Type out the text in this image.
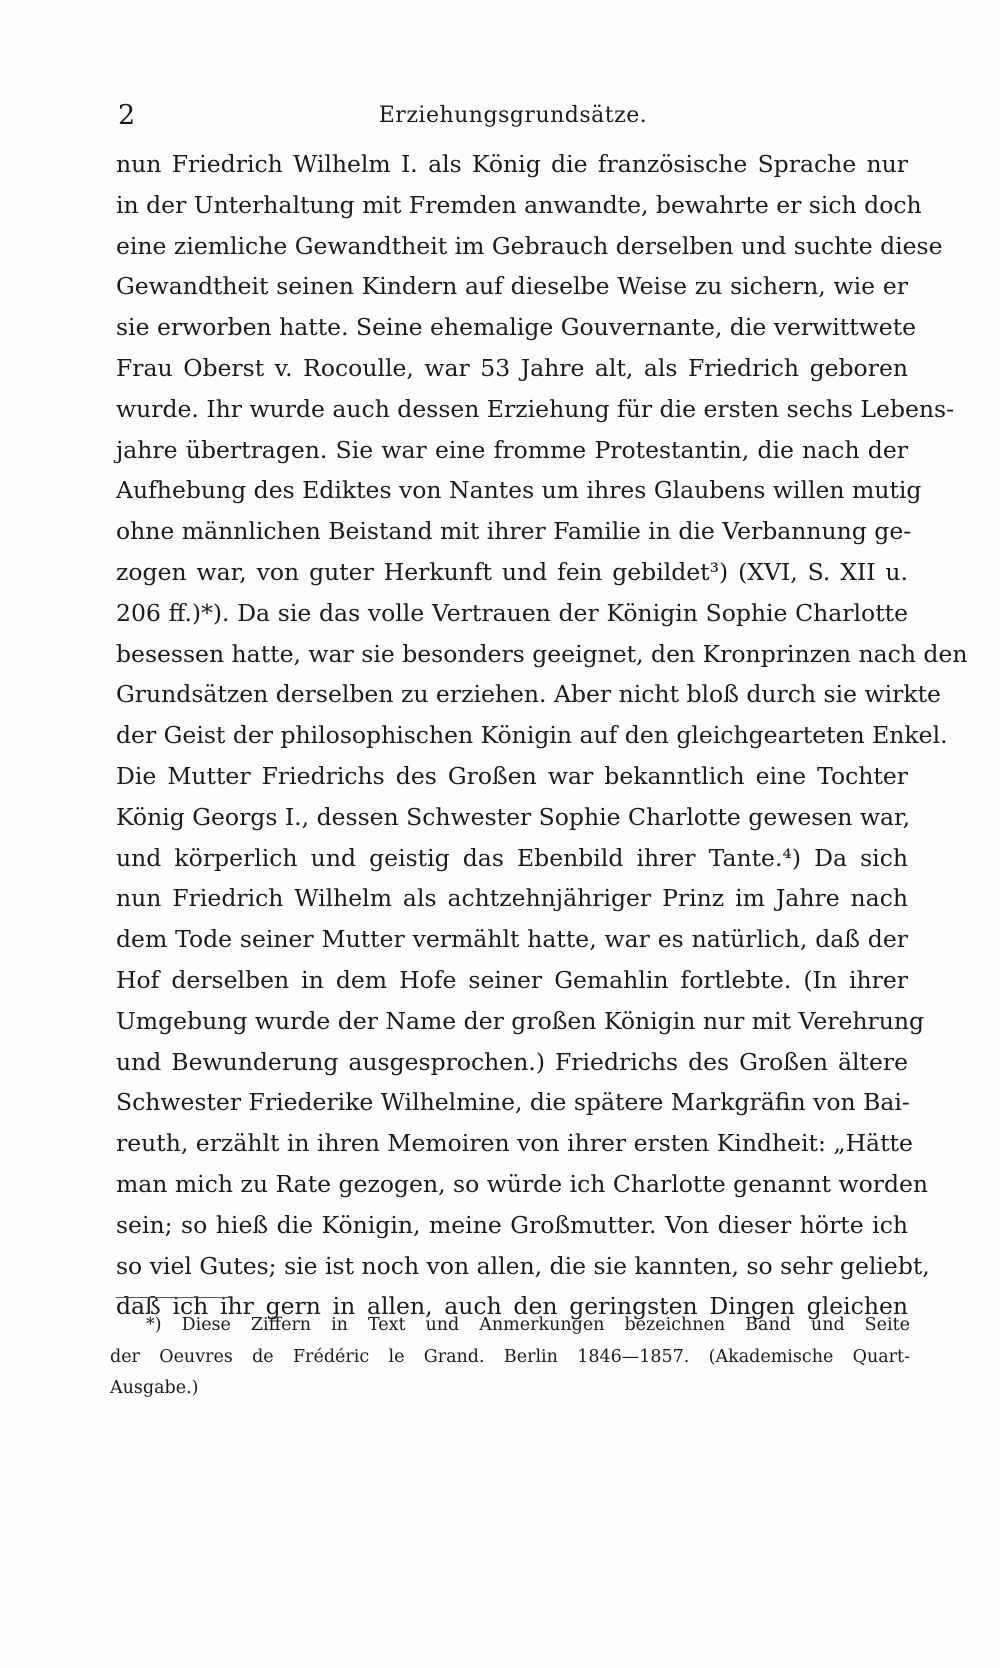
2	Erziehungsgrundsätze.
nun Friedrich Wilhelm I. als König die französische Sprache nur
in der Unterhaltung mit Fremden anwandte, bewahrte er sich doch
eine ziemliche Gewandtheit im Gebrauch derselben und suchte diese
Gewandtheit seinen Kindern auf dieselbe Weise zu sichern, wie er
sie erworben hatte. Seine ehemalige Gouvernante, die verwittwete
Frau Oberst v. Rocoulle, war 53 Jahre alt, als Friedrich geboren
wurde. Ihr wurde auch dessen Erziehung für die ersten sechs Lebens-
jahre übertragen. Sie war eine fromme Protestantin, die nach der
Aufhebung des Ediktes von Nantes um ihres Glaubens willen mutig
ohne männlichen Beistand mit ihrer Familie in die Verbannung ge-
zogen war, von guter Herkunft und fein gebildet³) (XVI, S. XII u.
206 ff.)*). Da sie das volle Vertrauen der Königin Sophie Charlotte
besessen hatte, war sie besonders geeignet, den Kronprinzen nach den
Grundsätzen derselben zu erziehen. Aber nicht bloß durch sie wirkte
der Geist der philosophischen Königin auf den gleichgearteten Enkel.
Die Mutter Friedrichs des Großen war bekanntlich eine Tochter
König Georgs I., dessen Schwester Sophie Charlotte gewesen war,
und körperlich und geistig das Ebenbild ihrer Tante.⁴) Da sich
nun Friedrich Wilhelm als achtzehnjähriger Prinz im Jahre nach
dem Tode seiner Mutter vermählt hatte, war es natürlich, daß der
Hof derselben in dem Hofe seiner Gemahlin fortlebte. (In ihrer
Umgebung wurde der Name der großen Königin nur mit Verehrung
und Bewunderung ausgesprochen.) Friedrichs des Großen ältere
Schwester Friederike Wilhelmine, die spätere Markgräfin von Bai-
reuth, erzählt in ihren Memoiren von ihrer ersten Kindheit: „Hätte
man mich zu Rate gezogen, so würde ich Charlotte genannt worden
sein; so hieß die Königin, meine Großmutter. Von dieser hörte ich
so viel Gutes; sie ist noch von allen, die sie kannten, so sehr geliebt,
daß ich ihr gern in allen, auch den geringsten Dingen gleichen
*) Diese Ziffern in Text und Anmerkungen bezeichnen Band und Seite
der Oeuvres de Frédéric le Grand. Berlin 1846—1857. (Akademische Quart-
Ausgabe.)
